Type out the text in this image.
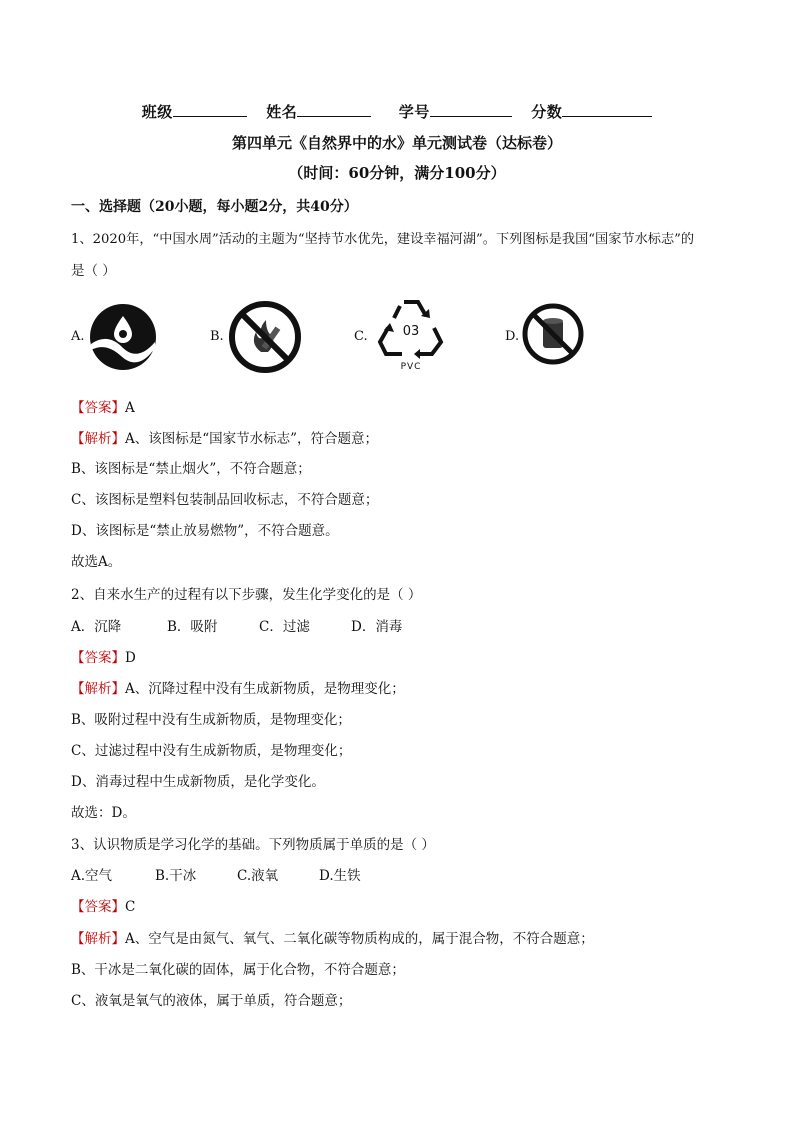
班级	姓名	学号	分数
第四单元《自然界中的水》单元测试卷（达标卷）
（时间：60分钟，满分100分）
一、选择题（20小题，每小题2分，共40分）
1、2020年，“中国水周”活动的主题为“坚持节水优先，建设幸福河湖”。下列图标是我国“国家节水标志”的
是（ ）
A.	B.	C.	03
PVC
D.
【答案】A
【解析】A、该图标是“国家节水标志”，符合题意；
B、该图标是“禁止烟火”，不符合题意；
C、该图标是塑料包装制品回收标志，不符合题意；
D、该图标是“禁止放易燃物”，不符合题意。
故选A。
2、自来水生产的过程有以下步骤，发生化学变化的是（ ）
A．沉降	B．吸附	C．过滤	D．消毒
【答案】D
【解析】A、沉降过程中没有生成新物质，是物理变化；
B、吸附过程中没有生成新物质，是物理变化；
C、过滤过程中没有生成新物质，是物理变化；
D、消毒过程中生成新物质，是化学变化。
故选：D。
3、认识物质是学习化学的基础。下列物质属于单质的是（ ）
A.空气	B.干冰	C.液氧	D.生铁
【答案】C
【解析】A、空气是由氮气、氧气、二氧化碳等物质构成的，属于混合物，不符合题意；
B、干冰是二氧化碳的固体，属于化合物，不符合题意；
C、液氧是氧气的液体，属于单质，符合题意；
